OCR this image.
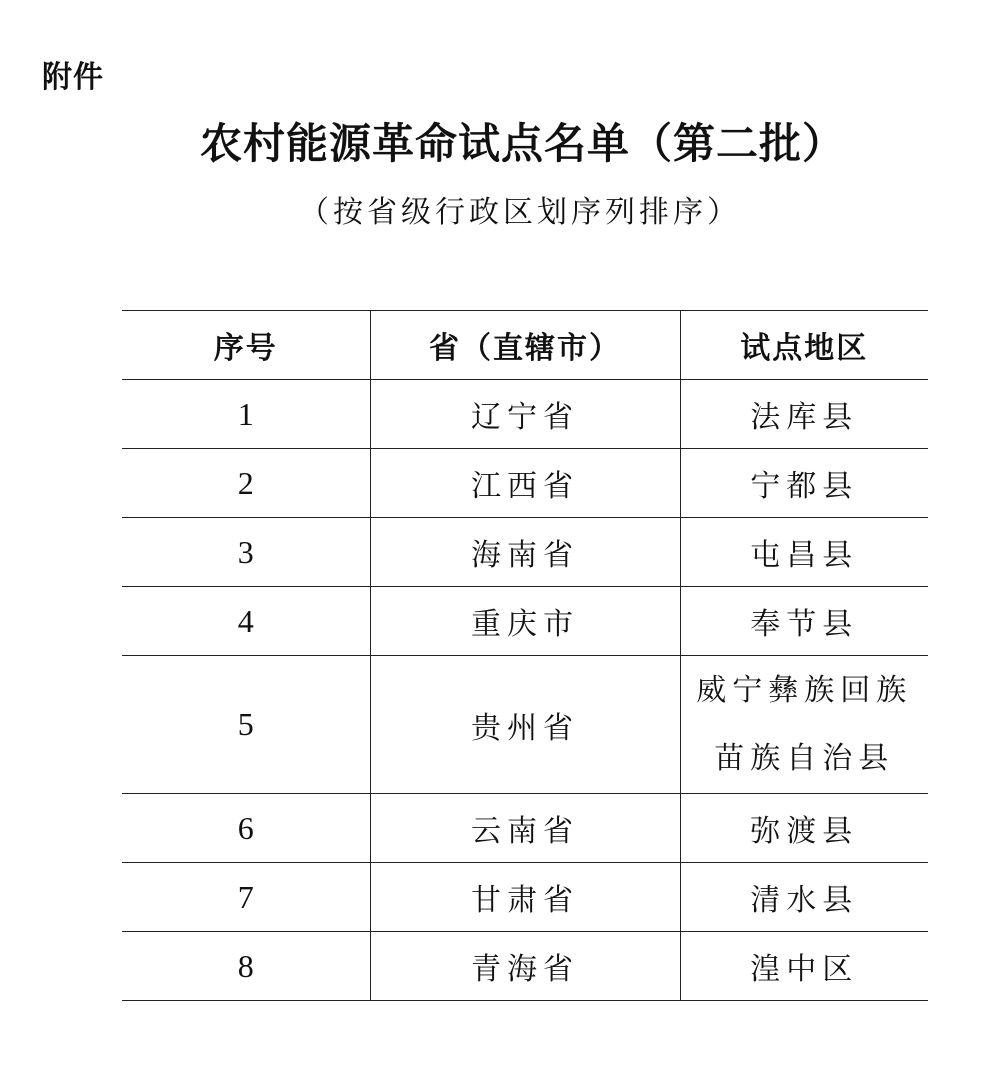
附件
农村能源革命试点名单（第二批）
（按省级行政区划序列排序）
序号	省（直辖市）	试点地区
1	辽宁省	法库县
2	江西省	宁都县
3	海南省	屯昌县
4	重庆市	奉节县
5	贵州省	威宁彝族回族苗族自治县
6	云南省	弥渡县
7	甘肃省	清水县
8	青海省	湟中区
